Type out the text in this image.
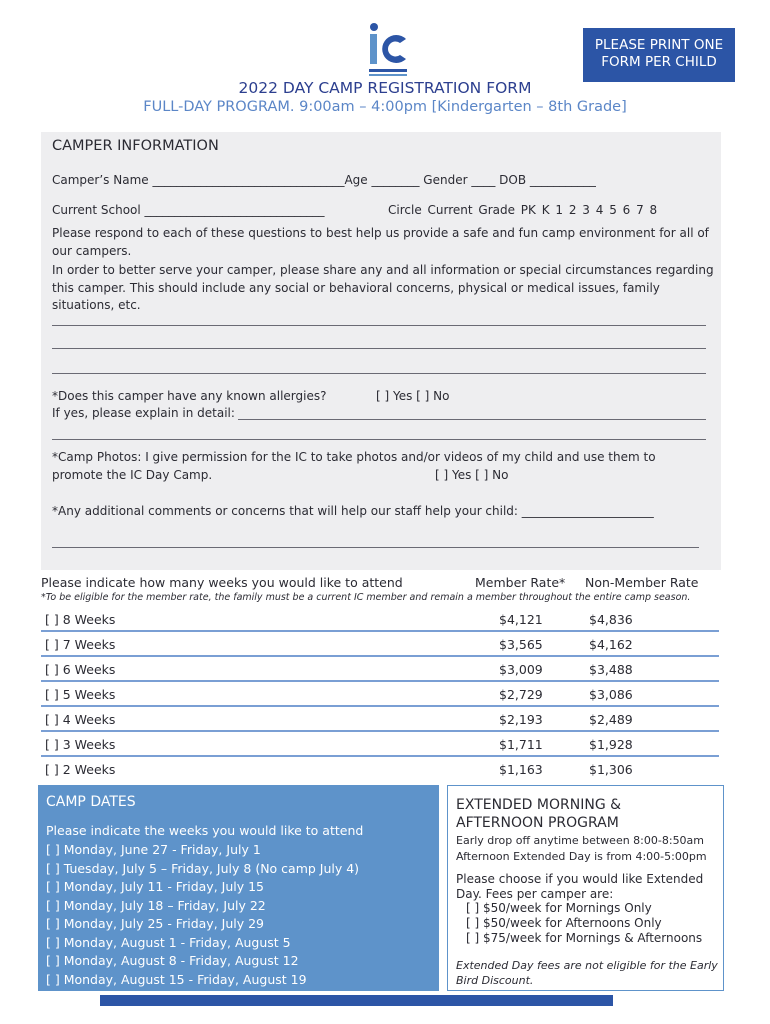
PLEASE PRINT ONE FORM PER CHILD
2022 DAY CAMP REGISTRATION FORM
FULL-DAY PROGRAM. 9:00am – 4:00pm [Kindergarten – 8th Grade]
CAMPER INFORMATION
Camper’s Name ________________________________Age ________ Gender ____ DOB ___________
Current School ______________________________	Circle Current Grade PK K 1 2 3 4 5 6 7 8
Please respond to each of these questions to best help us provide a safe and fun camp environment for all of our campers.
In order to better serve your camper, please share any and all information or special circumstances regarding this camper. This should include any social or behavioral concerns, physical or medical issues, family situations, etc.
*Does this camper have any known allergies?	[ ] Yes [ ] No
If yes, please explain in detail:
*Camp Photos: I give permission for the IC to take photos and/or videos of my child and use them to promote the IC Day Camp.	[ ] Yes [ ] No
*Any additional comments or concerns that will help our staff help your child: ______________________
Please indicate how many weeks you would like to attend	Member Rate* Non-Member Rate
*To be eligible for the member rate, the family must be a current IC member and remain a member throughout the entire camp season.
[ ] 8 Weeks	$4,121	$4,836
[ ] 7 Weeks	$3,565	$4,162
[ ] 6 Weeks	$3,009	$3,488
[ ] 5 Weeks	$2,729	$3,086
[ ] 4 Weeks	$2,193	$2,489
[ ] 3 Weeks	$1,711	$1,928
[ ] 2 Weeks	$1,163	$1,306
CAMP DATES
Please indicate the weeks you would like to attend
[ ] Monday, June 27 - Friday, July 1
[ ] Tuesday, July 5 – Friday, July 8 (No camp July 4)
[ ] Monday, July 11 - Friday, July 15
[ ] Monday, July 18 – Friday, July 22
[ ] Monday, July 25 - Friday, July 29
[ ] Monday, August 1 - Friday, August 5
[ ] Monday, August 8 - Friday, August 12
[ ] Monday, August 15 - Friday, August 19
EXTENDED MORNING & AFTERNOON PROGRAM
Early drop off anytime between 8:00-8:50am
Afternoon Extended Day is from 4:00-5:00pm
Please choose if you would like Extended Day. Fees per camper are:
[ ] $50/week for Mornings Only
[ ] $50/week for Afternoons Only
[ ] $75/week for Mornings & Afternoons
Extended Day fees are not eligible for the Early Bird Discount.
